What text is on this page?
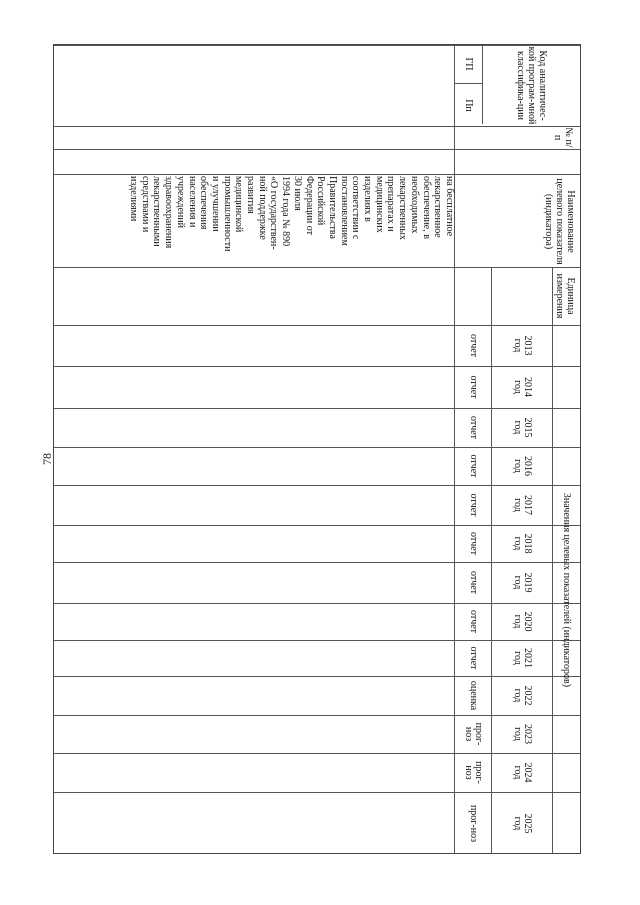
78
Код аналитичес-кой програм-мной классифика-ции
ГП
Пп
№ п/п
Наименование целевого показателя (индикатора)
Единица измерения
Значения целевых показателей (индикаторов)
2013
год
2014
год
2015
год
2016
год
2017
год
2018
год
2019
год
2020
год
2021
год
2022
год
2023
год
2024
год
2025
год
отчет
отчет
отчет
отчет
отчет
отчет
отчет
отчет
отчет
оценка
прог-ноз
прог-ноз
прог-ноз
на бесплатное
лекарственное
обеспечение, в
необходимых
лекарственных
препаратах и
медицинских
изделиях в
соответствии с
постановлением
Правительства
Российской
Федерации от
30 июля
1994 года № 890
«О государствен-
ной поддержке
развития
медицинской
промышленности
и улучшении
обеспечения
населения и
учреждений
здравоохранения
лекарственными
средствами и
изделиями
